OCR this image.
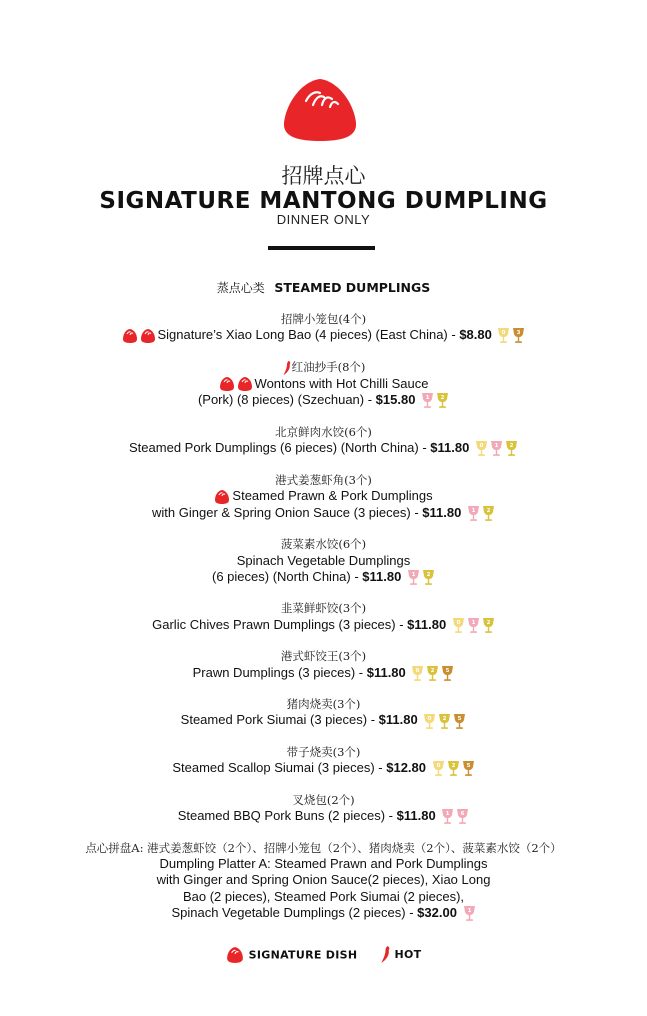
招牌点心
SIGNATURE MANTONG DUMPLING
DINNER ONLY
蒸点心类 STEAMED DUMPLINGS
招牌小笼包(4个)
Signature’s Xiao Long Bao (4 pieces) (East China) - $8.80 0 3
红油抄手(8个)
Wontons with Hot Chilli Sauce
(Pork) (8 pieces) (Szechuan) - $15.80 1 2
北京鲜肉水饺(6个)
Steamed Pork Dumplings (6 pieces) (North China) - $11.80 0 1 2
港式姜葱虾角(3个)
Steamed Prawn & Pork Dumplings
with Ginger & Spring Onion Sauce (3 pieces) - $11.80 1 2
菠菜素水饺(6个)
Spinach Vegetable Dumplings
(6 pieces) (North China) - $11.80 1 2
韭菜鲜虾饺(3个)
Garlic Chives Prawn Dumplings (3 pieces) - $11.80 0 1 2
港式虾饺王(3个)
Prawn Dumplings (3 pieces) - $11.80 0 2 5
猪肉烧卖(3个)
Steamed Pork Siumai (3 pieces) - $11.80 0 2 5
带子烧卖(3个)
Steamed Scallop Siumai (3 pieces) - $12.80 0 2 5
叉烧包(2个)
Steamed BBQ Pork Buns (2 pieces) - $11.80 1 6
点心拼盘A: 港式姜葱虾饺（2个）、招牌小笼包（2个）、猪肉烧卖（2个）、菠菜素水饺（2个）
Dumpling Platter A: Steamed Prawn and Pork Dumplings
with Ginger and Spring Onion Sauce(2 pieces), Xiao Long
Bao (2 pieces), Steamed Pork Siumai (2 pieces),
Spinach Vegetable Dumplings (2 pieces) - $32.00 1
SIGNATURE DISH	HOT
